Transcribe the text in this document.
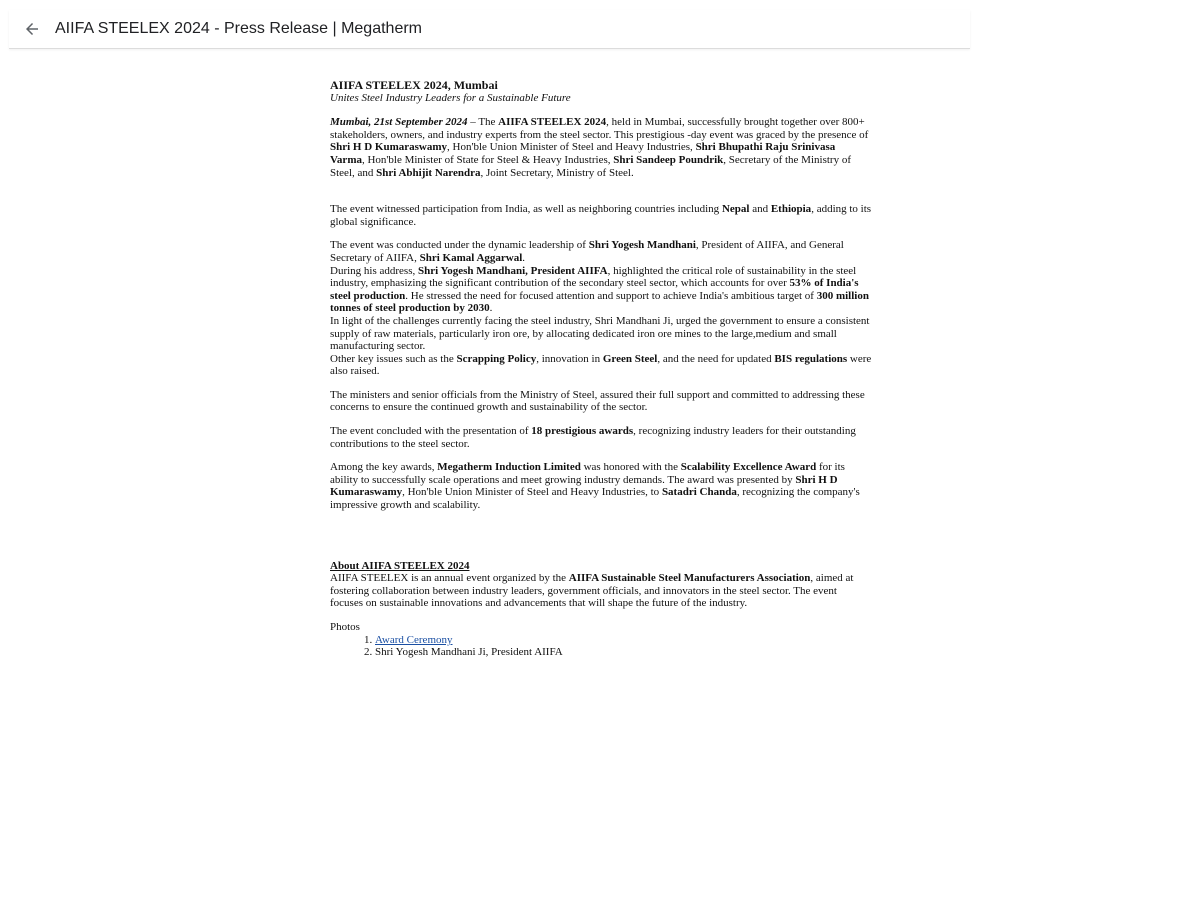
AIIFA STEELEX 2024 - Press Release | Megatherm

AIIFA STEELEX 2024, Mumbai

Unites Steel Industry Leaders for a Sustainable Future

Mumbai, 21st September 2024 – The AIIFA STEELEX 2024, held in Mumbai, successfully brought together over 800+ stakeholders, owners, and industry experts from the steel sector. This prestigious -day event was graced by the presence of Shri H D Kumaraswamy, Hon'ble Union Minister of Steel and Heavy Industries, Shri Bhupathi Raju Srinivasa Varma, Hon'ble Minister of State for Steel & Heavy Industries, Shri Sandeep Poundrik, Secretary of the Ministry of Steel, and Shri Abhijit Narendra, Joint Secretary, Ministry of Steel.

The event witnessed participation from India, as well as neighboring countries including Nepal and Ethiopia, adding to its global significance.

The event was conducted under the dynamic leadership of Shri Yogesh Mandhani, President of AIIFA, and General Secretary of AIIFA, Shri Kamal Aggarwal.

During his address, Shri Yogesh Mandhani, President AIIFA, highlighted the critical role of sustainability in the steel industry, emphasizing the significant contribution of the secondary steel sector, which accounts for over 53% of India's steel production. He stressed the need for focused attention and support to achieve India's ambitious target of 300 million tonnes of steel production by 2030.

In light of the challenges currently facing the steel industry, Shri Mandhani Ji, urged the government to ensure a consistent supply of raw materials, particularly iron ore, by allocating dedicated iron ore mines to the large,medium and small manufacturing sector.

Other key issues such as the Scrapping Policy, innovation in Green Steel, and the need for updated BIS regulations were also raised.

The ministers and senior officials from the Ministry of Steel, assured their full support and committed to addressing these concerns to ensure the continued growth and sustainability of the sector.

The event concluded with the presentation of 18 prestigious awards, recognizing industry leaders for their outstanding contributions to the steel sector.

Among the key awards, Megatherm Induction Limited was honored with the Scalability Excellence Award for its ability to successfully scale operations and meet growing industry demands. The award was presented by Shri H D Kumaraswamy, Hon'ble Union Minister of Steel and Heavy Industries, to Satadri Chanda, recognizing the company's impressive growth and scalability.

About AIIFA STEELEX 2024

AIIFA STEELEX is an annual event organized by the AIIFA Sustainable Steel Manufacturers Association, aimed at fostering collaboration between industry leaders, government officials, and innovators in the steel sector. The event focuses on sustainable innovations and advancements that will shape the future of the industry.

Photos

1. Award Ceremony
2. Shri Yogesh Mandhani Ji, President AIIFA
